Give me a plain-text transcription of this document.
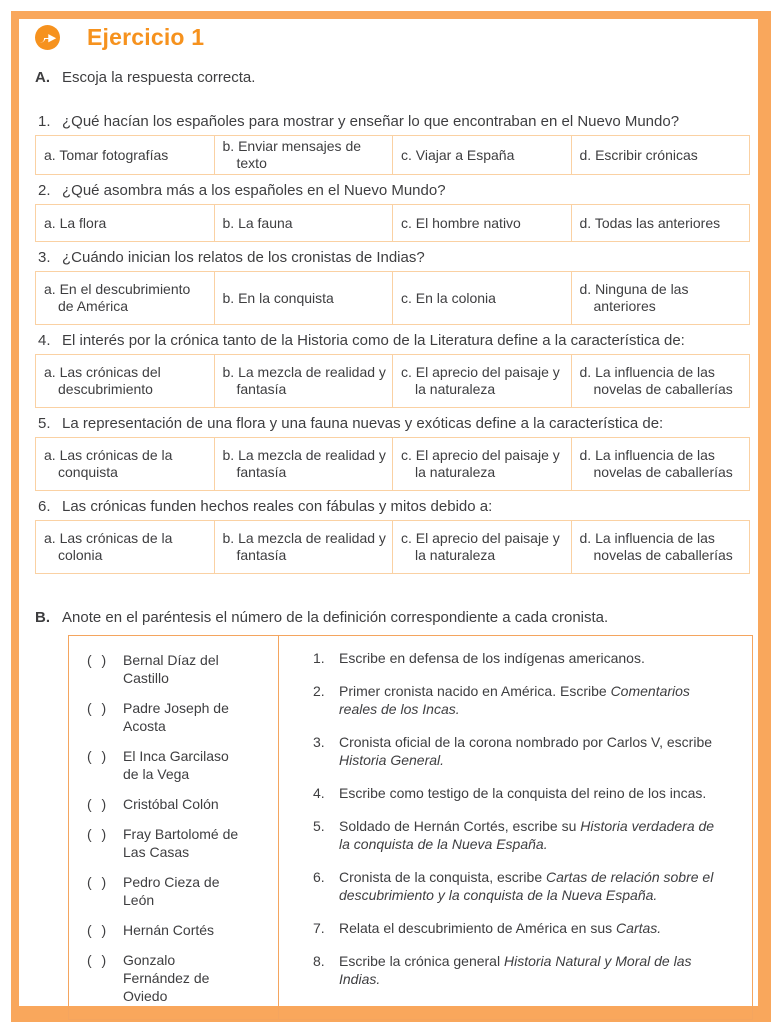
Ejercicio 1
A. Escoja la respuesta correcta.
1. ¿Qué hacían los españoles para mostrar y enseñar lo que encontraban en el Nuevo Mundo?
a. Tomar fotografías

b. Enviar mensajes de texto

c. Viajar a España	d. Escribir crónicas
2. ¿Qué asombra más a los españoles en el Nuevo Mundo?
a. La flora	b. La fauna	c. El hombre nativo	d. Todas las anteriores
3. ¿Cuándo inician los relatos de los cronistas de Indias?
a. En el descubrimiento de América

b. En la conquista	c. En la colonia

d. Ninguna de las anteriores
4. El interés por la crónica tanto de la Historia como de la Literatura define a la característica de:
a. Las crónicas del descubrimiento

b. La mezcla de realidad y fantasía

c. El aprecio del paisaje y la naturaleza

d. La influencia de las novelas de caballerías
5. La representación de una flora y una fauna nuevas y exóticas define a la característica de:
a. Las crónicas de la conquista

b. La mezcla de realidad y fantasía

c. El aprecio del paisaje y la naturaleza

d. La influencia de las novelas de caballerías
6. Las crónicas funden hechos reales con fábulas y mitos debido a:
a. Las crónicas de la colonia

b. La mezcla de realidad y fantasía

c. El aprecio del paisaje y la naturaleza

d. La influencia de las novelas de caballerías
B. Anote en el paréntesis el número de la definición correspondiente a cada cronista.
( ) Bernal Díaz del Castillo
( ) Padre Joseph de Acosta
( ) El Inca Garcilaso de la Vega
( ) Cristóbal Colón
( ) Fray Bartolomé de Las Casas
( ) Pedro Cieza de León
( ) Hernán Cortés
( ) Gonzalo Fernández de Oviedo
1.	Escribe en defensa de los indígenas americanos.
2.	Primer cronista nacido en América. Escribe Comentarios reales de los Incas.
3.	Cronista oficial de la corona nombrado por Carlos V, escribe Historia General.
4.	Escribe como testigo de la conquista del reino de los incas.
5.	Soldado de Hernán Cortés, escribe su Historia verdadera de la conquista de la Nueva España.
6.	Cronista de la conquista, escribe Cartas de relación sobre el descubrimiento y la conquista de la Nueva España.
7.	Relata el descubrimiento de América en sus Cartas.
8.	Escribe la crónica general Historia Natural y Moral de las Indias.
